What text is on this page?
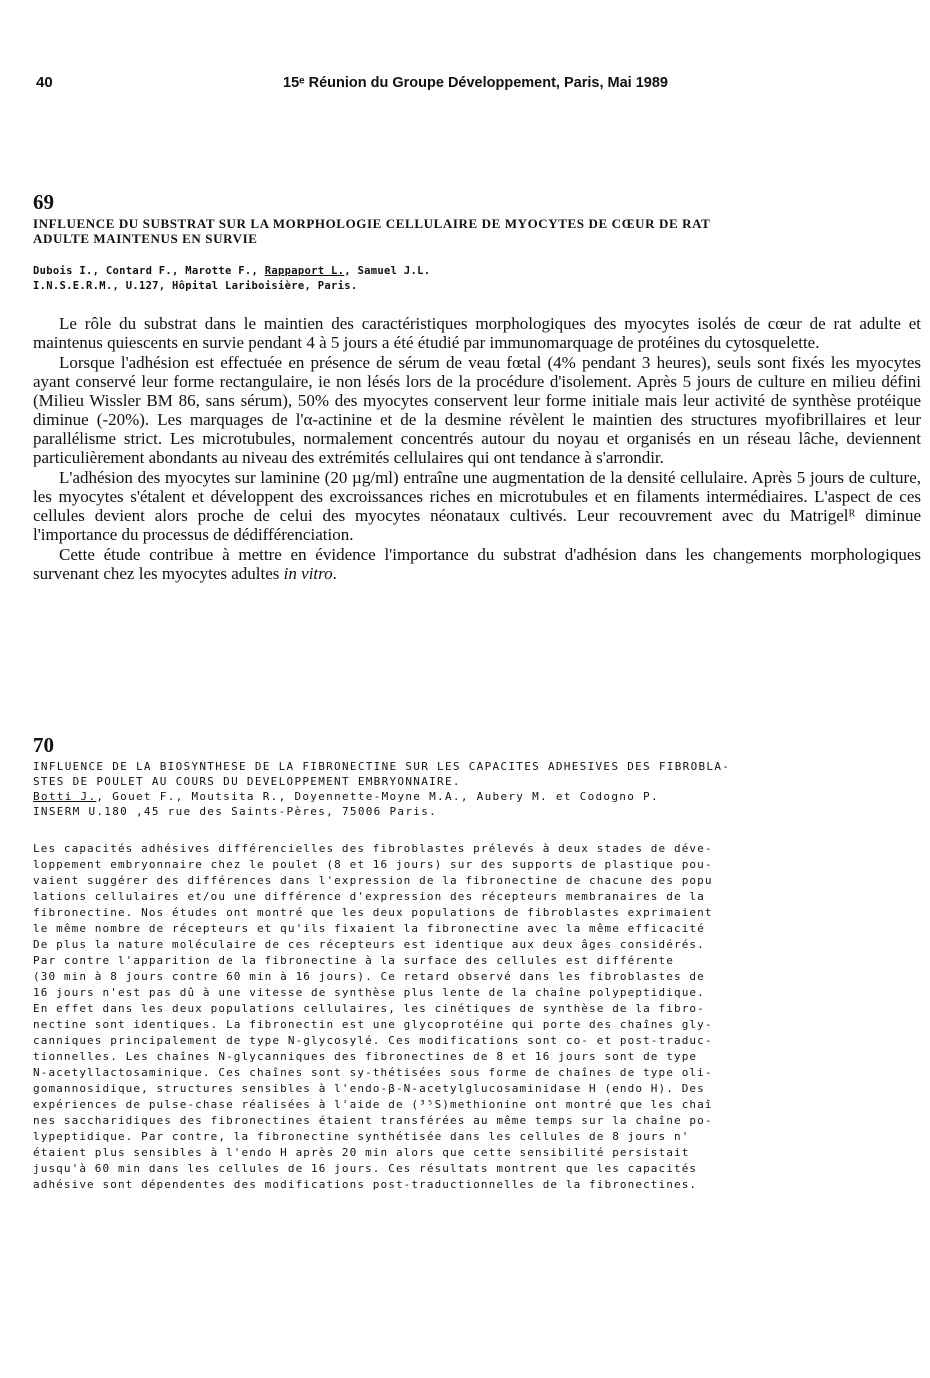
40	15ᵉ Réunion du Groupe Développement, Paris, Mai 1989
69
INFLUENCE DU SUBSTRAT SUR LA MORPHOLOGIE CELLULAIRE DE MYOCYTES DE CŒUR DE RAT
ADULTE MAINTENUS EN SURVIE
Dubois I., Contard F., Marotte F., Rappaport L., Samuel J.L.
I.N.S.E.R.M., U.127, Hôpital Lariboisière, Paris.

Le rôle du substrat dans le maintien des caractéristiques morphologiques des myocytes isolés de cœur de rat adulte et maintenus quiescents en survie pendant 4 à 5 jours a été étudié par immunomarquage de protéines du cytosquelette.

Lorsque l'adhésion est effectuée en présence de sérum de veau fœtal (4% pendant 3 heures), seuls sont fixés les myocytes ayant conservé leur forme rectangulaire, ie non lésés lors de la procédure d'isolement. Après 5 jours de culture en milieu défini (Milieu Wissler BM 86, sans sérum), 50% des myocytes conservent leur forme initiale mais leur activité de synthèse protéique diminue (-20%). Les marquages de l'α-actinine et de la desmine révèlent le maintien des structures myofibrillaires et leur parallélisme strict. Les microtubules, normalement concentrés autour du noyau et organisés en un réseau lâche, deviennent particulièrement abondants au niveau des extrémités cellulaires qui ont tendance à s'arrondir.

L'adhésion des myocytes sur laminine (20 µg/ml) entraîne une augmentation de la densité cellulaire. Après 5 jours de culture, les myocytes s'étalent et développent des excroissances riches en microtubules et en filaments intermédiaires. L'aspect de ces cellules devient alors proche de celui des myocytes néonataux cultivés. Leur recouvrement avec du Matrigelᴿ diminue l'importance du processus de dédifférenciation.

Cette étude contribue à mettre en évidence l'importance du substrat d'adhésion dans les changements morphologiques survenant chez les myocytes adultes in vitro.

70
INFLUENCE DE LA BIOSYNTHESE DE LA FIBRONECTINE SUR LES CAPACITES ADHESIVES DES FIBROBLA-
STES DE POULET AU COURS DU DEVELOPPEMENT EMBRYONNAIRE.
Botti J., Gouet F., Moutsita R., Doyennette-Moyne M.A., Aubery M. et Codogno P.
INSERM U.180 ,45 rue des Saints-Pères, 75006 Paris.
Les capacités adhésives différencielles des fibroblastes prélevés à deux stades de déve-
loppement embryonnaire chez le poulet (8 et 16 jours) sur des supports de plastique pou-
vaient suggérer des différences dans l'expression de la fibronectine de chacune des popu
lations cellulaires et/ou une différence d'expression des récepteurs membranaires de la
fibronectine. Nos études ont montré que les deux populations de fibroblastes exprimaient
le même nombre de récepteurs et qu'ils fixaient la fibronectine avec la même efficacité
De plus la nature moléculaire de ces récepteurs est identique aux deux âges considérés.
Par contre l'apparition de la fibronectine à la surface des cellules est différente
(30 min à 8 jours contre 60 min à 16 jours). Ce retard observé dans les fibroblastes de
16 jours n'est pas dû à une vitesse de synthèse plus lente de la chaîne polypeptidique.
En effet dans les deux populations cellulaires, les cinétiques de synthèse de la fibro-
nectine sont identiques. La fibronectin est une glycoprotéine qui porte des chaînes gly-
canniques principalement de type N-glycosylé. Ces modifications sont co- et post-traduc-
tionnelles. Les chaînes N-glycanniques des fibronectines de 8 et 16 jours sont de type
N-acetyllactosaminique. Ces chaînes sont sy-thétisées sous forme de chaînes de type oli-
gomannosidique, structures sensibles à l'endo-β-N-acetylglucosaminidase H (endo H). Des
expériences de pulse-chase réalisées à l'aide de (³⁵S)methionine ont montré que les chaî
nes saccharidiques des fibronectines étaient transférées au même temps sur la chaîne po-
lypeptidique. Par contre, la fibronectine synthétisée dans les cellules de 8 jours n'
étaient plus sensibles à l'endo H après 20 min alors que cette sensibilité persistait
jusqu'à 60 min dans les cellules de 16 jours. Ces résultats montrent que les capacités
adhésive sont dépendentes des modifications post-traductionnelles de la fibronectines.
